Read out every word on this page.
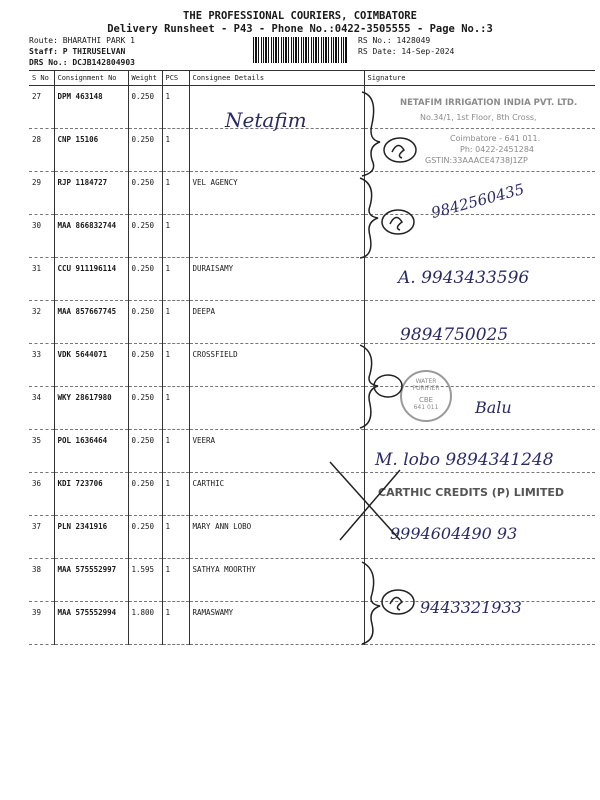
THE PROFESSIONAL COURIERS, COIMBATORE
Delivery Runsheet - P43 - Phone No.:0422-3505555 - Page No.:3
Route: BHARATHI PARK 1
Staff: P THIRUSELVAN
DRS No.: DCJB142804903
RS No.: 1428049
RS Date: 14-Sep-2024
S No	Consignment No	Weight	PCS	Consignee Details	Signature
27	DPM 463148	0.250	1		
28	CNP 15106	0.250	1		
29	RJP 1184727	0.250	1	VEL AGENCY	
30	MAA 866832744	0.250	1		
31	CCU 911196114	0.250	1	DURAISAMY	
32	MAA 857667745	0.250	1	DEEPA	
33	VDK 5644071	0.250	1	CROSSFIELD	
34	WKY 28617980	0.250	1		
35	POL 1636464	0.250	1	VEERA	
36	KDI 723706	0.250	1	CARTHIC	
37	PLN 2341916	0.250	1	MARY ANN LOBO	
38	MAA 575552997	1.595	1	SATHYA MOORTHY	
39	MAA 575552994	1.800	1	RAMASWAMY	
NETAFIM IRRIGATION INDIA PVT. LTD.
No.34/1, 1st Floor, 8th Cross,
Coimbatore - 641 011.
Ph: 0422-2451284
GSTIN:33AAACE4738J1ZP
WATER PURIFIER
CBE
641 011
CARTHIC CREDITS (P) LIMITED
Netafim
9842560435
A. 9943433596
9894750025
Balu
M. lobo 9894341248
9994604490 93
9443321933
